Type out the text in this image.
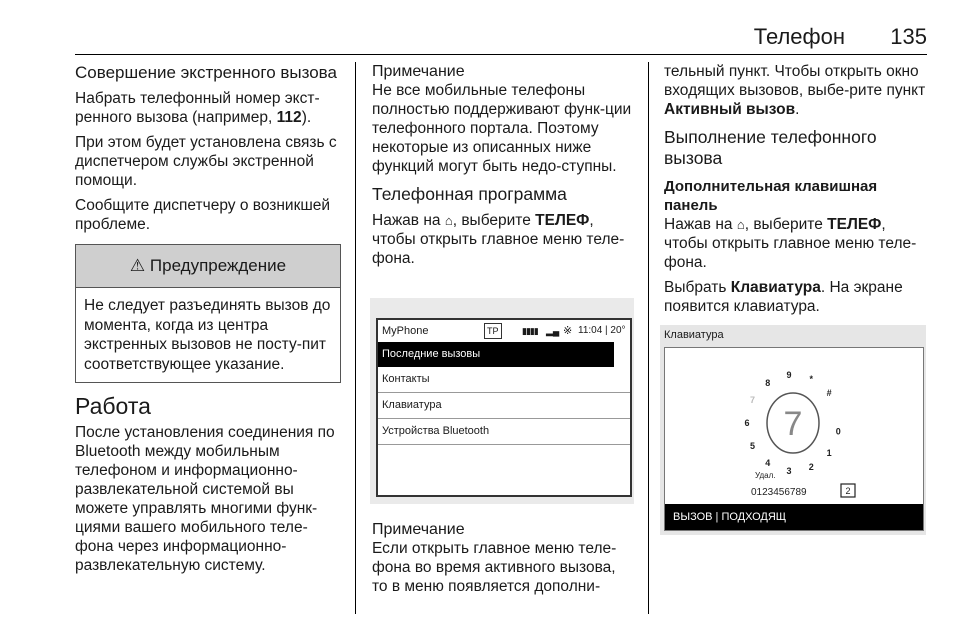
Телефон 135
Совершение экстренного вызова

Набрать телефонный номер экст-ренного вызова (например, 112).

При этом будет установлена связь с диспетчером службы экстренной помощи.

Сообщите диспетчеру о возникшей проблеме.

⚠ Предупреждение
Не следует разъединять вызов до момента, когда из центра экстренных вызовов не посту-пит соответствующее указание.
Работа

После установления соединения по Bluetooth между мобильным телефоном и информационно-развлекательной системой вы можете управлять многими функ-циями вашего мобильного теле-фона через информационно-развлекательную систему.

Примечание

Не все мобильные телефоны полностью поддерживают функ-ции телефонного портала. Поэтому некоторые из описанных ниже функций могут быть недо-ступны.

Телефонная программа

Нажав на ⌂, выберите ТЕЛЕФ, чтобы открыть главное меню теле-фона.

MyPhone	TP	▮▮▮▮ ▂▄ ※ 11:04 | 20°
Последние вызовы
Контакты
Клавиатура
Устройства Bluetooth
Примечание

Если открыть главное меню теле-фона во время активного вызова, то в меню появляется дополни-

тельный пункт. Чтобы открыть окно входящих вызовов, выбе-рите пункт Активный вызов.

Выполнение телефонного вызова
Дополнительная клавишная панель

Нажав на ⌂, выберите ТЕЛЕФ, чтобы открыть главное меню теле-фона.

Выбрать Клавиатура. На экране появится клавиатура.

Клавиатура
7	0
1
2
3
4
5
6
7
8
9 *
#
Удал.
0123456789	2
ВЫЗОВ | ПОДХОДЯЩ
